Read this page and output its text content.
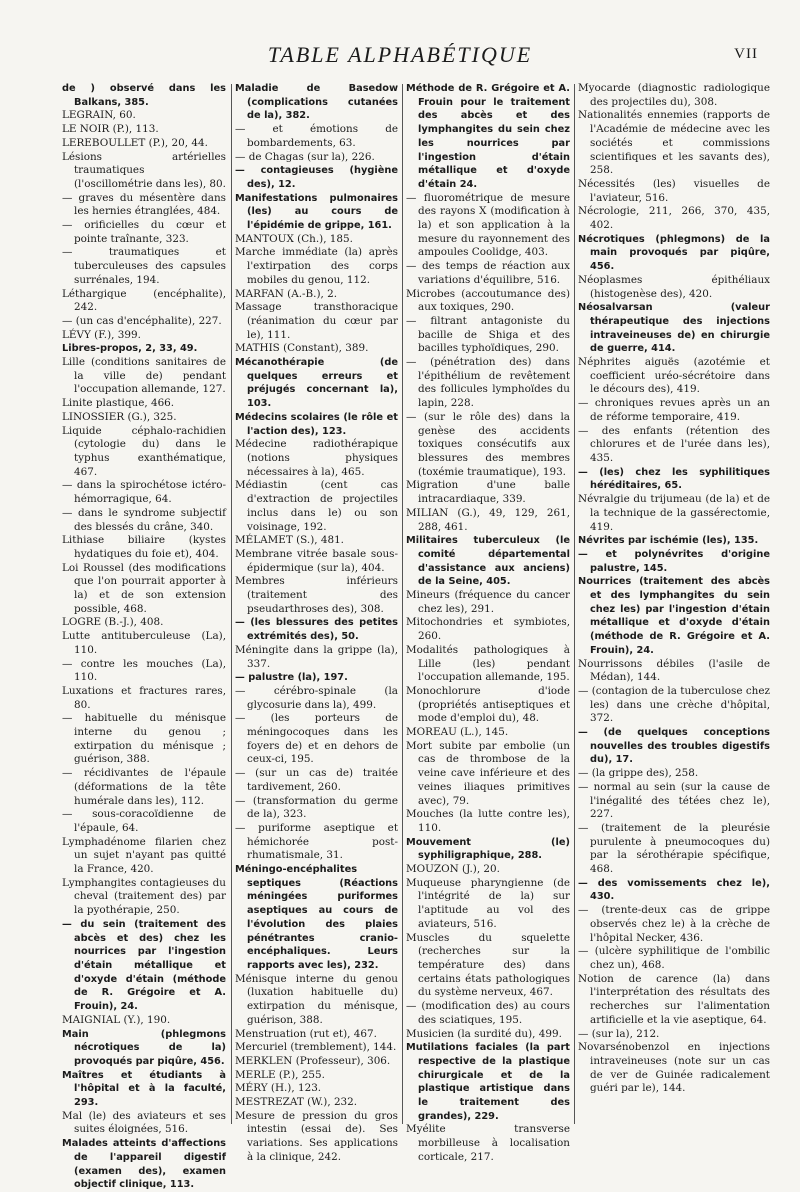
TABLE ALPHABÉTIQUE	VII

de ) observé dans les Balkans, 385.

LEGRAIN, 60.

LE NOIR (P.), 113.

LEREBOULLET (P.), 20, 44.

Lésions artérielles traumatiques (l'oscillométrie dans les), 80.

— graves du mésentère dans les hernies étranglées, 484.

— orificielles du cœur et pointe traînante, 323.

— traumatiques et tuberculeuses des capsules surrénales, 194.

Léthargique (encéphalite), 242.

— (un cas d'encéphalite), 227.

LÉVY (F.), 399.

Libres-propos, 2, 33, 49.

Lille (conditions sanitaires de la ville de) pendant l'occupation allemande, 127.

Linite plastique, 466.

LINOSSIER (G.), 325.

Liquide céphalo-rachidien (cytologie du) dans le typhus exanthématique, 467.

— dans la spirochétose ictéro-hémorragique, 64.

— dans le syndrome subjectif des blessés du crâne, 340.

Lithiase biliaire (kystes hydatiques du foie et), 404.

Loi Roussel (des modifications que l'on pourrait apporter à la) et de son extension possible, 468.

LOGRE (B.-J.), 408.

Lutte antituberculeuse (La), 110.

— contre les mouches (La), 110.

Luxations et fractures rares, 80.

— habituelle du ménisque interne du genou ; extirpation du ménisque ; guérison, 388.

— récidivantes de l'épaule (déformations de la tête humérale dans les), 112.

— sous-coracoïdienne de l'épaule, 64.

Lymphadénome filarien chez un sujet n'ayant pas quitté la France, 420.

Lymphangites contagieuses du cheval (traitement des) par la pyothérapie, 250.

— du sein (traitement des abcès et des) chez les nourrices par l'ingestion d'étain métallique et d'oxyde d'étain (méthode de R. Grégoire et A. Frouin), 24.

MAIGNIAL (Y.), 190.

Main (phlegmons nécrotiques de la) provoqués par piqûre, 456.

Maîtres et étudiants à l'hôpital et à la faculté, 293.

Mal (le) des aviateurs et ses suites éloignées, 516.

Malades atteints d'affections de l'appareil digestif (examen des), examen objectif clinique, 113.

Maladie de Basedow (complications cutanées de la), 382.

— et émotions de bombardements, 63.

— de Chagas (sur la), 226.

— contagieuses (hygiène des), 12.

Manifestations pulmonaires (les) au cours de l'épidémie de grippe, 161.

MANTOUX (Ch.), 185.

Marche immédiate (la) après l'extirpation des corps mobiles du genou, 112.

MARFAN (A.-B.), 2.

Massage transthoracique (réanimation du cœur par le), 111.

MATHIS (Constant), 389.

Mécanothérapie (de quelques erreurs et préjugés concernant la), 103.

Médecins scolaires (le rôle et l'action des), 123.

Médecine radiothérapique (notions physiques nécessaires à la), 465.

Médiastin (cent cas d'extraction de projectiles inclus dans le) ou son voisinage, 192.

MÉLAMET (S.), 481.

Membrane vitrée basale sous-épidermique (sur la), 404.

Membres inférieurs (traitement des pseudarthroses des), 308.

— (les blessures des petites extrémités des), 50.

Méningite dans la grippe (la), 337.

— palustre (la), 197.

— cérébro-spinale (la glycosurie dans la), 499.

— (les porteurs de méningocoques dans les foyers de) et en dehors de ceux-ci, 195.

— (sur un cas de) traitée tardivement, 260.

— (transformation du germe de la), 323.

— puriforme aseptique et hémichorée post-rhumatismale, 31.

Méningo-encéphalites septiques (Réactions méningées puriformes aseptiques au cours de l'évolution des plaies pénétrantes cranio-encéphaliques. Leurs rapports avec les), 232.

Ménisque interne du genou (luxation habituelle du) extirpation du ménisque, guérison, 388.

Menstruation (rut et), 467.

Mercuriel (tremblement), 144.

MERKLEN (Professeur), 306.

MERLE (P.), 255.

MÉRY (H.), 123.

MESTREZAT (W.), 232.

Mesure de pression du gros intestin (essai de). Ses variations. Ses applications à la clinique, 242.

Méthode de R. Grégoire et A. Frouin pour le traitement des abcès et des lymphangites du sein chez les nourrices par l'ingestion d'étain métallique et d'oxyde d'étain 24.

— fluorométrique de mesure des rayons X (modification à la) et son application à la mesure du rayonnement des ampoules Coolidge, 403.

— des temps de réaction aux variations d'équilibre, 516.

Microbes (accoutumance des) aux toxiques, 290.

— filtrant antagoniste du bacille de Shiga et des bacilles typhoïdiques, 290.

— (pénétration des) dans l'épithélium de revêtement des follicules lymphoïdes du lapin, 228.

— (sur le rôle des) dans la genèse des accidents toxiques consécutifs aux blessures des membres (toxémie traumatique), 193.

Migration d'une balle intracardiaque, 339.

MILIAN (G.), 49, 129, 261, 288, 461.

Militaires tuberculeux (le comité départemental d'assistance aux anciens) de la Seine, 405.

Mineurs (fréquence du cancer chez les), 291.

Mitochondries et symbiotes, 260.

Modalités pathologiques à Lille (les) pendant l'occupation allemande, 195.

Monochlorure d'iode (propriétés antiseptiques et mode d'emploi du), 48.

MOREAU (L.), 145.

Mort subite par embolie (un cas de thrombose de la veine cave inférieure et des veines iliaques primitives avec), 79.

Mouches (la lutte contre les), 110.

Mouvement (le) syphiligraphique, 288.

MOUZON (J.), 20.

Muqueuse pharyngienne (de l'intégrité de la) sur l'aptitude au vol des aviateurs, 516.

Muscles du squelette (recherches sur la température des) dans certains états pathologiques du système nerveux, 467.

— (modification des) au cours des sciatiques, 195.

Musicien (la surdité du), 499.

Mutilations faciales (la part respective de la plastique chirurgicale et de la plastique artistique dans le traitement des grandes), 229.

Myélite transverse morbilleuse à localisation corticale, 217.

Myocarde (diagnostic radiologique des projectiles du), 308.

Nationalités ennemies (rapports de l'Académie de médecine avec les sociétés et commissions scientifiques et les savants des), 258.

Nécessités (les) visuelles de l'aviateur, 516.

Nécrologie, 211, 266, 370, 435, 402.

Nécrotiques (phlegmons) de la main provoqués par piqûre, 456.

Néoplasmes épithéliaux (histogenèse des), 420.

Néosalvarsan (valeur thérapeutique des injections intraveineuses de) en chirurgie de guerre, 414.

Néphrites aiguës (azotémie et coefficient uréo-sécrétoire dans le décours des), 419.

— chroniques revues après un an de réforme temporaire, 419.

— des enfants (rétention des chlorures et de l'urée dans les), 435.

— (les) chez les syphilitiques héréditaires, 65.

Névralgie du trijumeau (de la) et de la technique de la gassérectomie, 419.

Névrites par ischémie (les), 135.

— et polynévrites d'origine palustre, 145.

Nourrices (traitement des abcès et des lymphangites du sein chez les) par l'ingestion d'étain métallique et d'oxyde d'étain (méthode de R. Grégoire et A. Frouin), 24.

Nourrissons débiles (l'asile de Médan), 144.

— (contagion de la tuberculose chez les) dans une crèche d'hôpital, 372.

— (de quelques conceptions nouvelles des troubles digestifs du), 17.

— (la grippe des), 258.

— normal au sein (sur la cause de l'inégalité des tétées chez le), 227.

— (traitement de la pleurésie purulente à pneumocoques du) par la sérothérapie spécifique, 468.

— des vomissements chez le), 430.

— (trente-deux cas de grippe observés chez le) à la crèche de l'hôpital Necker, 436.

— (ulcère syphilitique de l'ombilic chez un), 468.

Notion de carence (la) dans l'interprétation des résultats des recherches sur l'alimentation artificielle et la vie aseptique, 64.

— (sur la), 212.

Novarsénobenzol en injections intraveineuses (note sur un cas de ver de Guinée radicalement guéri par le), 144.
